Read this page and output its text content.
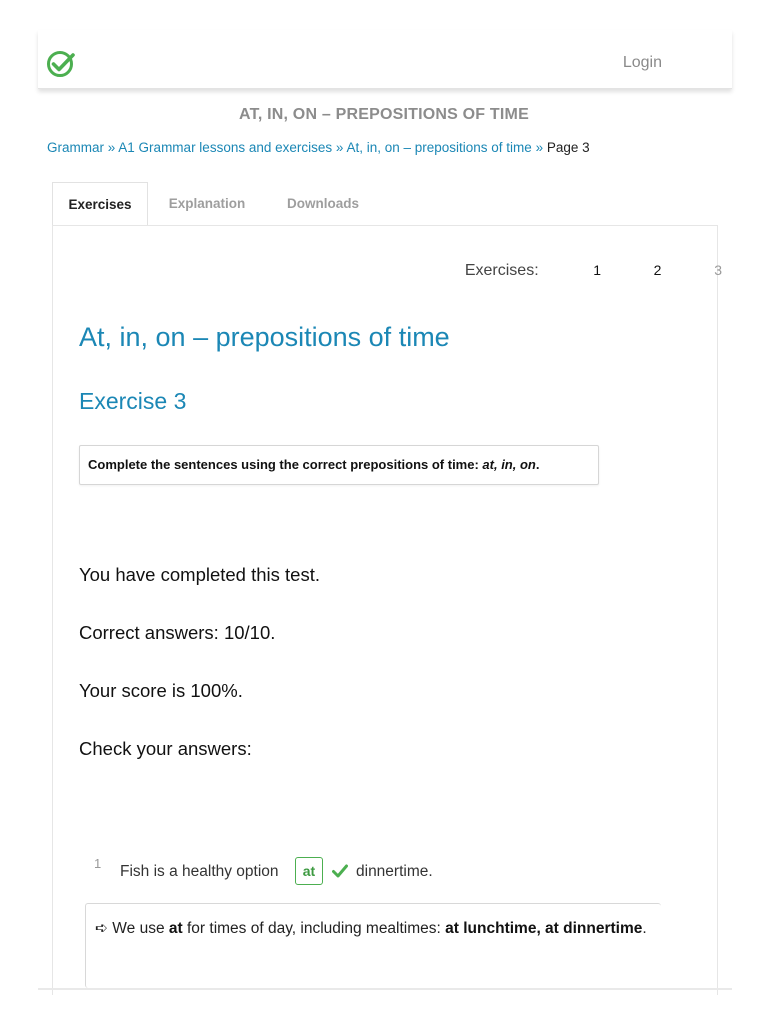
Login
AT, IN, ON – PREPOSITIONS OF TIME
Grammar » A1 Grammar lessons and exercises » At, in, on – prepositions of time » Page 3
Exercises	Explanation	Downloads
Exercises:	1	2	3
At, in, on – prepositions of time
Exercise 3
Complete the sentences using the correct prepositions of time: at, in, on.
You have completed this test.
Correct answers: 10/10.
Your score is 100%.
Check your answers:
1 Fish is a healthy option	at	dinnertime.
➪ We use at for times of day, including mealtimes: at lunchtime, at dinnertime.
